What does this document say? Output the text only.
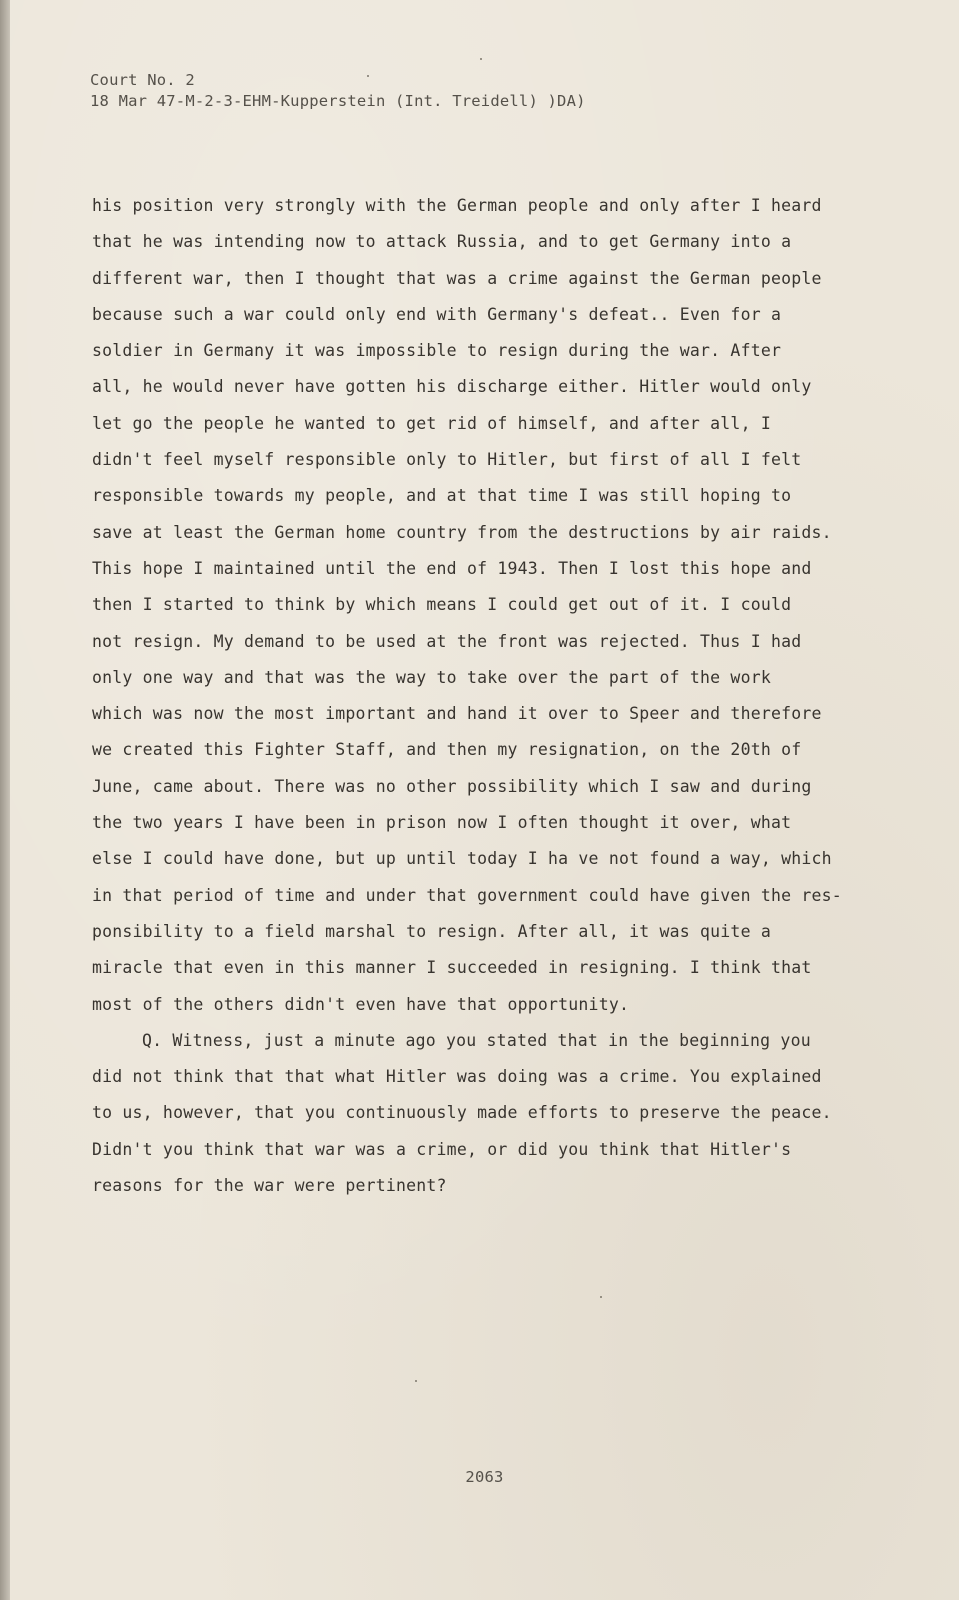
Court No. 2
18 Mar 47-M-2-3-EHM-Kupperstein (Int. Treidell) )DA)
his position very strongly with the German people and only after I heard
that he was intending now to attack Russia, and to get Germany into a
different war, then I thought that was a crime against the German people
because such a war could only end with Germany's defeat.. Even for a
soldier in Germany it was impossible to resign during the war. After
all, he would never have gotten his discharge either. Hitler would only
let go the people he wanted to get rid of himself, and after all, I
didn't feel myself responsible only to Hitler, but first of all I felt
responsible towards my people, and at that time I was still hoping to
save at least the German home country from the destructions by air raids.
This hope I maintained until the end of 1943. Then I lost this hope and
then I started to think by which means I could get out of it. I could
not resign. My demand to be used at the front was rejected. Thus I had
only one way and that was the way to take over the part of the work
which was now the most important and hand it over to Speer and therefore
we created this Fighter Staff, and then my resignation, on the 20th of
June, came about. There was no other possibility which I saw and during
the two years I have been in prison now I often thought it over, what
else I could have done, but up until today I ha ve not found a way, which
in that period of time and under that government could have given the res-
ponsibility to a field marshal to resign. After all, it was quite a
miracle that even in this manner I succeeded in resigning. I think that
most of the others didn't even have that opportunity.
Q. Witness, just a minute ago you stated that in the beginning you
did not think that that what Hitler was doing was a crime. You explained
to us, however, that you continuously made efforts to preserve the peace.
Didn't you think that war was a crime, or did you think that Hitler's
reasons for the war were pertinent?
2063
